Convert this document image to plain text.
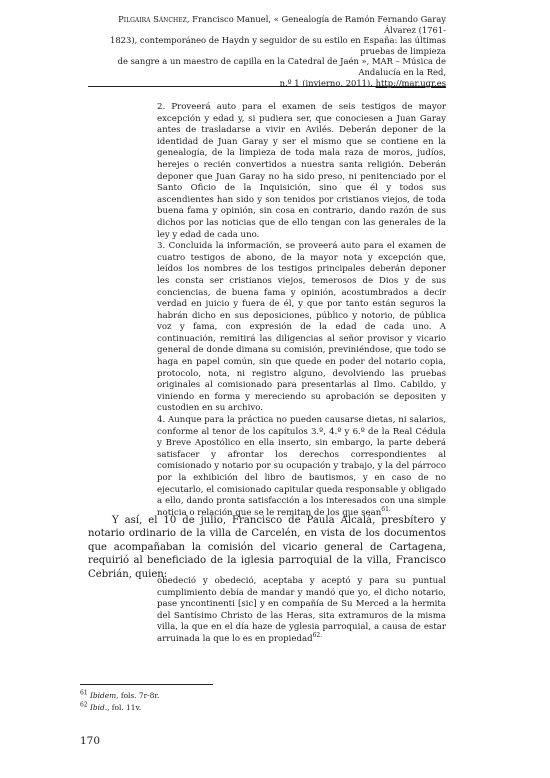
Pilgaira Sánchez, Francisco Manuel, « Genealogía de Ramón Fernando Garay Álvarez (1761-
1823), contemporáneo de Haydn y seguidor de su estilo en España: las últimas pruebas de limpieza
de sangre a un maestro de capilla en la Catedral de Jaén », MAR – Música de Andalucía en la Red,
n.º 1 (invierno, 2011), http://mar.ugr.es

2. Proveerá auto para el examen de seis testigos de mayor excepción y edad y, si pudiera ser, que conociesen a Juan Garay antes de trasladarse a vivir en Avilés. Deberán deponer de la identidad de Juan Garay y ser el mismo que se contiene en la genealogía, de la limpieza de toda mala raza de moros, judíos, herejes o recién convertidos a nuestra santa religión. Deberán deponer que Juan Garay no ha sido preso, ni penitenciado por el Santo Oficio de la Inquisición, sino que él y todos sus ascendientes han sido y son tenidos por cristianos viejos, de toda buena fama y opinión, sin cosa en contrario, dando razón de sus dichos por las noticias que de ello tengan con las generales de la ley y edad de cada uno.

3. Concluida la información, se proveerá auto para el examen de cuatro testigos de abono, de la mayor nota y excepción que, leídos los nombres de los testigos principales deberán deponer les consta ser cristianos viejos, temerosos de Dios y de sus conciencias, de buena fama y opinión, acostumbrados a decir verdad en juicio y fuera de él, y que por tanto están seguros la habrán dicho en sus deposiciones, público y notorio, de pública voz y fama, con expresión de la edad de cada uno. A continuación, remitirá las diligencias al señor provisor y vicario general de donde dimana su comisión, previniéndose, que todo se haga en papel común, sin que quede en poder del notario copia, protocolo, nota, ni registro alguno, devolviendo las pruebas originales al comisionado para presentarlas al Ilmo. Cabildo, y viniendo en forma y mereciendo su aprobación se depositen y custodien en su archivo.

4. Aunque para la práctica no pueden causarse dietas, ni salarios, conforme al tenor de los capítulos 3.º, 4.º y 6.º de la Real Cédula y Breve Apostólico en ella inserto, sin embargo, la parte deberá satisfacer y afrontar los derechos correspondientes al comisionado y notario por su ocupación y trabajo, y la del párroco por la exhibición del libro de bautismos, y en caso de no ejecutarlo, el comisionado capitular queda responsable y obligado a ello, dando pronta satisfacción a los interesados con una simple noticia o relación que se le remitan de los que sean$^{61.}$

Y así, el 10 de julio, Francisco de Paula Alcalá, presbítero y notario ordinario de la villa de Carcelén, en vista de los documentos que acompañaban la comisión del vicario general de Cartagena, requirió al beneficiado de la iglesia parroquial de la villa, Francisco Cebrián, quien:

obedeció y obedeció, aceptaba y aceptó y para su puntual cumplimiento debía de mandar y mandó que yo, el dicho notario, pase yncontinenti [sic] y en compañía de Su Merced a la hermita del Santísimo Christo de las Heras, sita extramuros de la misma villa, la que en el día haze de yglesia parroquial, a causa de estar arruinada la que lo es en propiedad$^{62.}$

$^{61}$ Ibidem, fols. 7r-8r.
$^{62}$ Ibid., fol. 11v.
170
